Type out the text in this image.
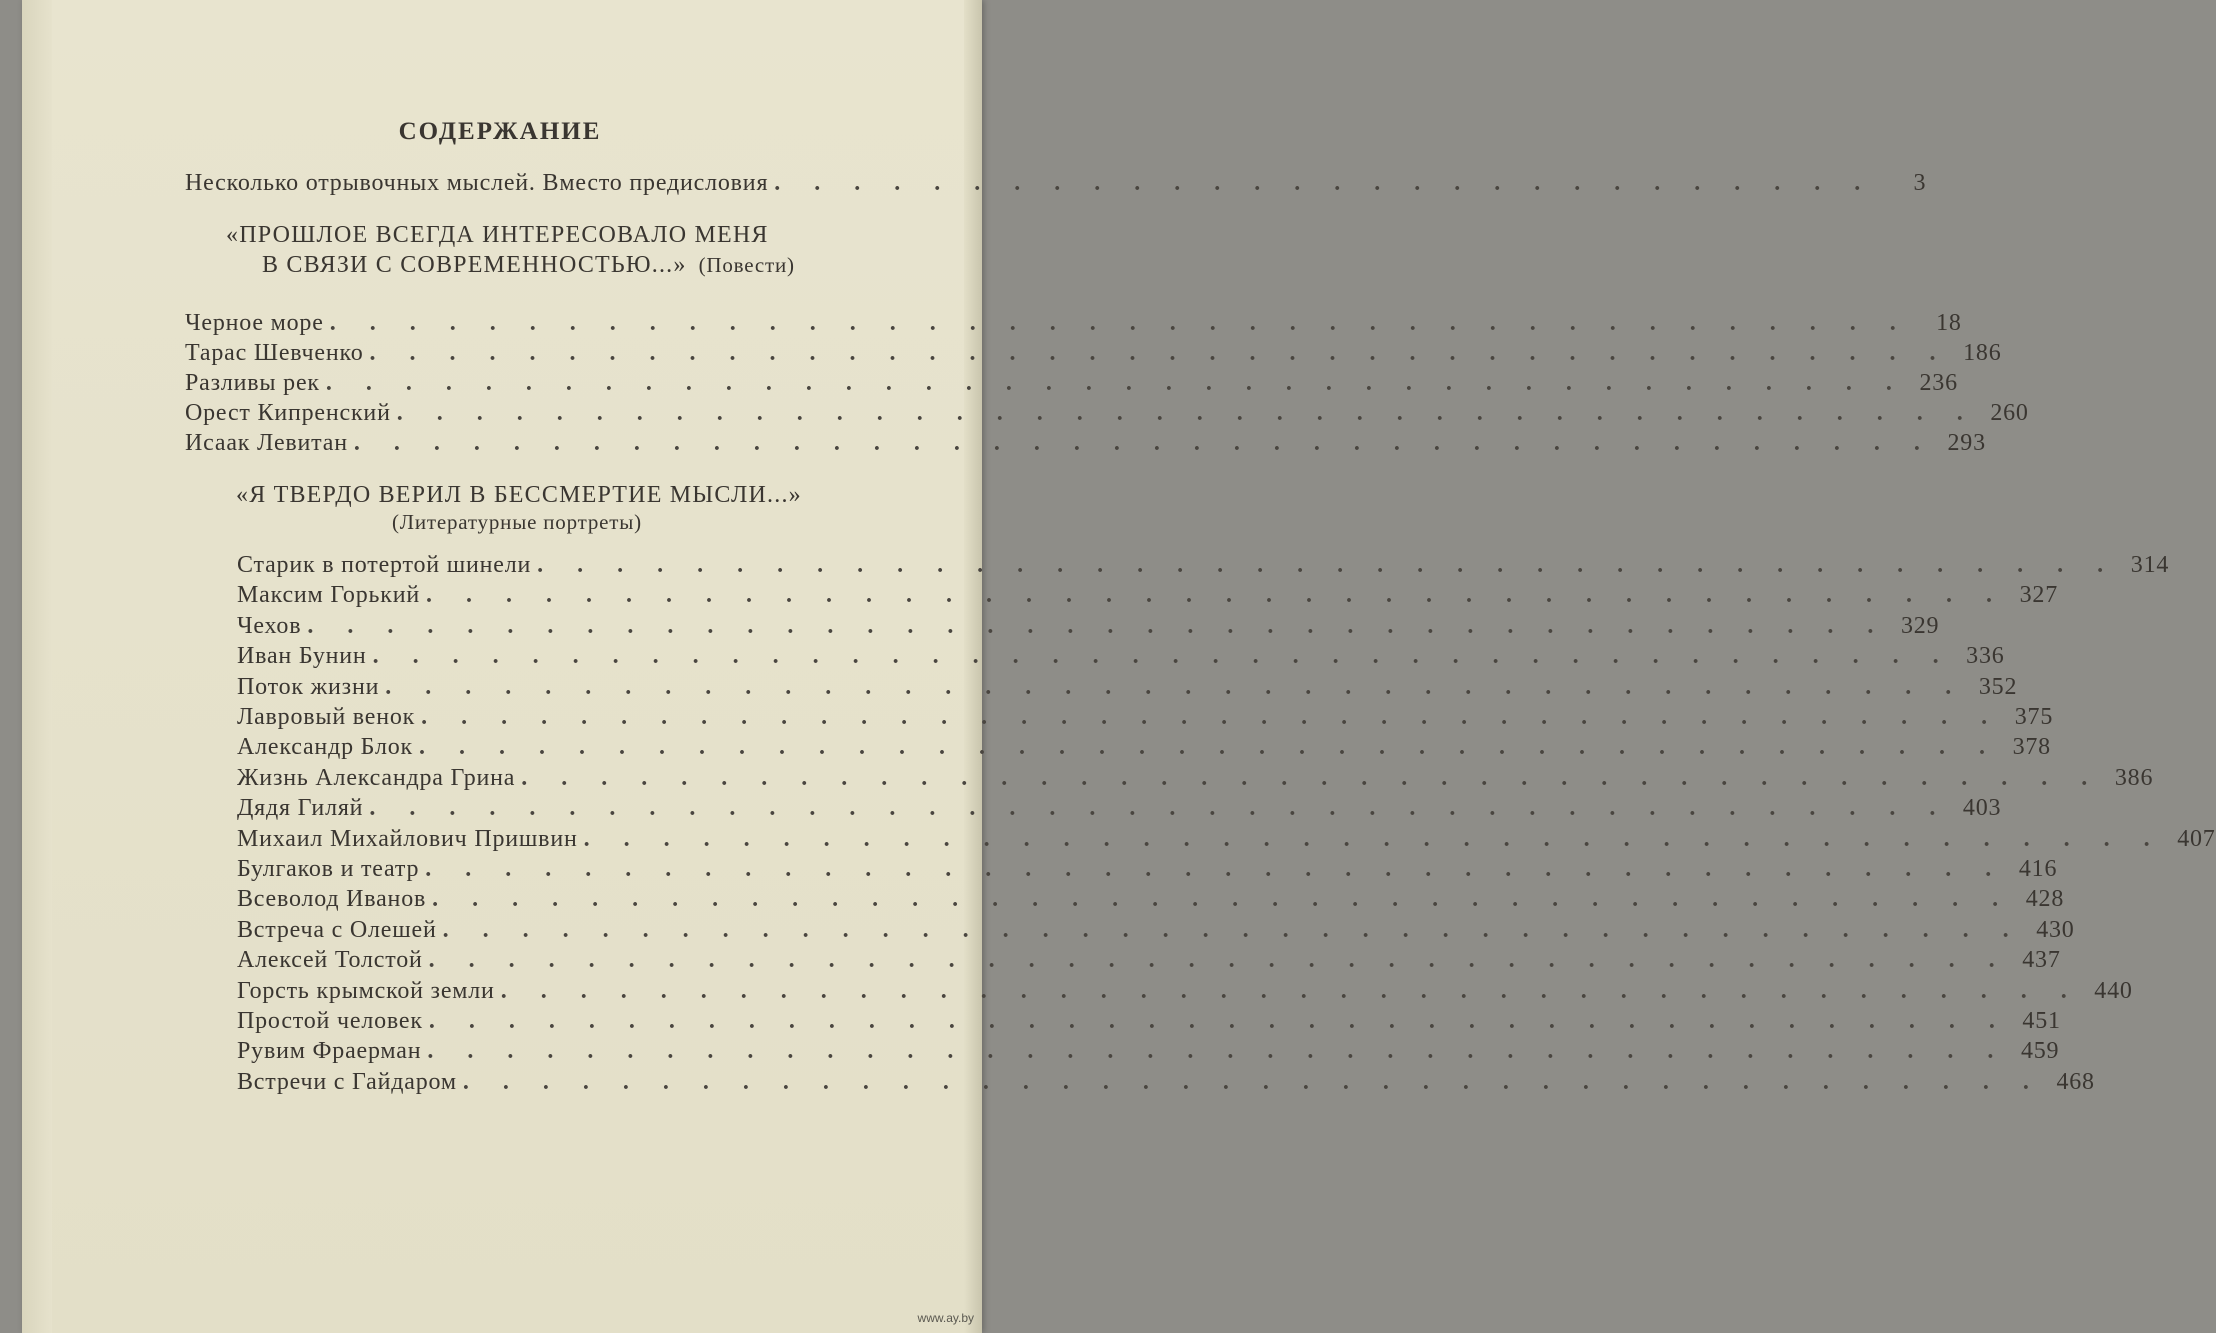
СОДЕРЖАНИЕ
Несколько отрывочных мыслей. Вместо предисловия . . . . . . . . . . . . . . . . . . . . . . . . . . . .	3
«ПРОШЛОЕ ВСЕГДА ИНТЕРЕСОВАЛО МЕНЯ
В СВЯЗИ С СОВРЕМЕННОСТЬЮ...» (Повести)
Черное море . . . . . . . . . . . . . . . . . . . . . . . . . . . . . . . . . . . . . . . .	18
Тарас Шевченко . . . . . . . . . . . . . . . . . . . . . . . . . . . . . . . . . . . . . . . . 186
Разливы рек . . . . . . . . . . . . . . . . . . . . . . . . . . . . . . . . . . . . . . . . 236
Орест Кипренский . . . . . . . . . . . . . . . . . . . . . . . . . . . . . . . . . . . . . . . . 260
Исаак Левитан . . . . . . . . . . . . . . . . . . . . . . . . . . . . . . . . . . . . . . . . 293
«Я ТВЕРДО ВЕРИЛ В БЕССМЕРТИЕ МЫСЛИ...»
(Литературные портреты)
Старик в потертой шинели . . . . . . . . . . . . . . . . . . . . . . . . . . . . . . . . . . . . . . . . 314
Максим Горький . . . . . . . . . . . . . . . . . . . . . . . . . . . . . . . . . . . . . . . . 327
Чехов . . . . . . . . . . . . . . . . . . . . . . . . . . . . . . . . . . . . . . . . 329
Иван Бунин . . . . . . . . . . . . . . . . . . . . . . . . . . . . . . . . . . . . . . . . 336
Поток жизни . . . . . . . . . . . . . . . . . . . . . . . . . . . . . . . . . . . . . . . . 352
Лавровый венок . . . . . . . . . . . . . . . . . . . . . . . . . . . . . . . . . . . . . . . . 375
Александр Блок . . . . . . . . . . . . . . . . . . . . . . . . . . . . . . . . . . . . . . . . 378
Жизнь Александра Грина . . . . . . . . . . . . . . . . . . . . . . . . . . . . . . . . . . . . . . . . 386
Дядя Гиляй . . . . . . . . . . . . . . . . . . . . . . . . . . . . . . . . . . . . . . . . 403
Михаил Михайлович Пришвин . . . . . . . . . . . . . . . . . . . . . . . . . . . . . . . . . . . . . . . . 407
Булгаков и театр . . . . . . . . . . . . . . . . . . . . . . . . . . . . . . . . . . . . . . . . 416
Всеволод Иванов . . . . . . . . . . . . . . . . . . . . . . . . . . . . . . . . . . . . . . . . 428
Встреча с Олешей . . . . . . . . . . . . . . . . . . . . . . . . . . . . . . . . . . . . . . . . 430
Алексей Толстой . . . . . . . . . . . . . . . . . . . . . . . . . . . . . . . . . . . . . . . . 437
Горсть крымской земли . . . . . . . . . . . . . . . . . . . . . . . . . . . . . . . . . . . . . . . . 440
Простой человек . . . . . . . . . . . . . . . . . . . . . . . . . . . . . . . . . . . . . . . . 451
Рувим Фраерман . . . . . . . . . . . . . . . . . . . . . . . . . . . . . . . . . . . . . . . . 459
Встречи с Гайдаром . . . . . . . . . . . . . . . . . . . . . . . . . . . . . . . . . . . . . . . . 468
www.ay.by
